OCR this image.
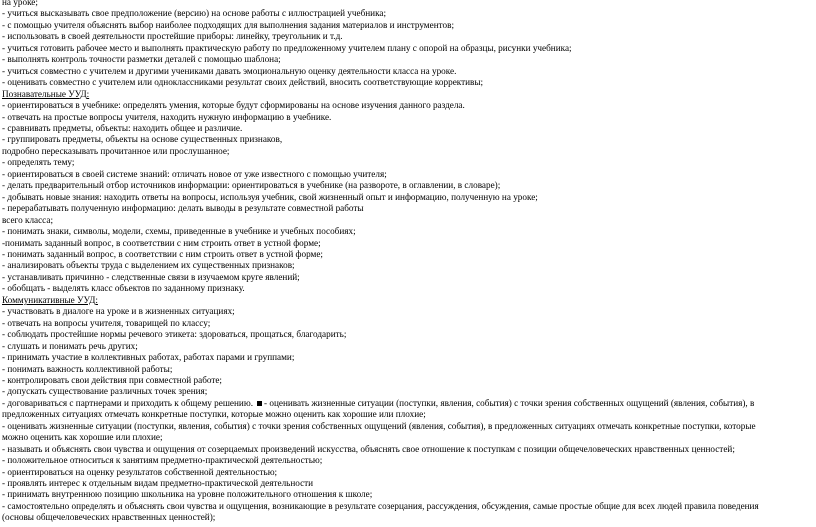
на уроке;
- учиться высказывать свое предположение (версию) на основе работы с иллюстрацией учебника;
- с помощью учителя объяснять выбор наиболее подходящих для выполнения задания материалов и инструментов;
- использовать в своей деятельности простейшие приборы: линейку, треугольник и т.д.
- учиться готовить рабочее место и выполнять практическую работу по предложенному учителем плану с опорой на образцы, рисунки учебника;
- выполнять контроль точности разметки деталей с помощью шаблона;
- учиться совместно с учителем и другими учениками давать эмоциональную оценку деятельности класса на уроке.
- оценивать совместно с учителем или одноклассниками результат своих действий, вносить соответствующие коррективы;
Познавательные УУД:
- ориентироваться в учебнике: определять умения, которые будут сформированы на основе изучения данного раздела.
- отвечать на простые вопросы учителя, находить нужную информацию в учебнике.
- сравнивать предметы, объекты: находить общее и различие.
- группировать предметы, объекты на основе существенных признаков,
подробно пересказывать прочитанное или прослушанное;
- определять тему;
- ориентироваться в своей системе знаний: отличать новое от уже известного с помощью учителя;
- делать предварительный отбор источников информации: ориентироваться в учебнике (на развороте, в оглавлении, в словаре);
- добывать новые знания: находить ответы на вопросы, используя учебник, свой жизненный опыт и информацию, полученную на уроке;
- перерабатывать полученную информацию: делать выводы в результате совместной работы
всего класса;
- понимать знаки, символы, модели, схемы, приведенные в учебнике и учебных пособиях;
-понимать заданный вопрос, в соответствии с ним строить ответ в устной форме;
- понимать заданный вопрос, в соответствии с ним строить ответ в устной форме;
- анализировать объекты труда с выделением их существенных признаков;
- устанавливать причинно - следственные связи в изучаемом круге явлений;
- обобщать - выделять класс объектов по заданному признаку.
Коммуникативные УУД:
- участвовать в диалоге на уроке и в жизненных ситуациях;
- отвечать на вопросы учителя, товарищей по классу;
- соблюдать простейшие нормы речевого этикета: здороваться, прощаться, благодарить;
- слушать и понимать речь других;
- принимать участие в коллективных работах, работах парами и группами;
- понимать важность коллективной работы;
- контролировать свои действия при совместной работе;
- допускать существование различных точек зрения;
- договариваться с партнерами и приходить к общему решению. - оценивать жизненные ситуации (поступки, явления, события) с точки зрения собственных ощущений (явления, события), в
предложенных ситуациях отмечать конкретные поступки, которые можно оценить как хорошие или плохие;
- оценивать жизненные ситуации (поступки, явления, события) с точки зрения собственных ощущений (явления, события), в предложенных ситуациях отмечать конкретные поступки, которые
можно оценить как хорошие или плохие;
- называть и объяснять свои чувства и ощущения от созерцаемых произведений искусства, объяснять свое отношение к поступкам с позиции общечеловеческих нравственных ценностей;
- положительное относиться к занятиям предметно-практической деятельностью;
- ориентироваться на оценку результатов собственной деятельностью;
- проявлять интерес к отдельным видам предметно-практической деятельности
- принимать внутреннюю позицию школьника на уровне положительного отношения к школе;
- самостоятельно определять и объяснять свои чувства и ощущения, возникающие в результате созерцания, рассуждения, обсуждения, самые простые общие для всех людей правила поведения
(основы общечеловеческих нравственных ценностей);
